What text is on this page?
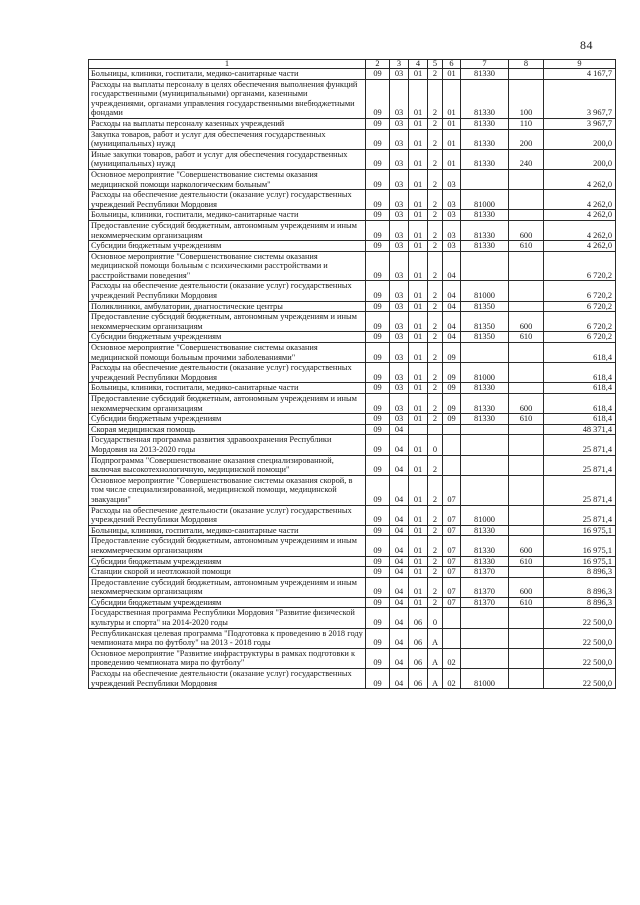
84
1	2	3	4	5	6	7	8	9
Больницы, клиники, госпитали, медико-санитарные части	09	03	01	2	01	81330		4 167,7
Расходы на выплаты персоналу в целях обеспечения выполнения функций государственными (муниципальными) органами, казенными учреждениями, органами управления государственными внебюджетными фондами	09	03	01	2	01	81330	100	3 967,7
Расходы на выплаты персоналу казенных учреждений	09	03	01	2	01	81330	110	3 967,7
Закупка товаров, работ и услуг для обеспечения государственных (муниципальных) нужд	09	03	01	2	01	81330	200	200,0
Иные закупки товаров, работ и услуг для обеспечения государственных (муниципальных) нужд	09	03	01	2	01	81330	240	200,0
Основное мероприятие "Совершенствование системы оказания медицинской помощи наркологическим больным"	09	03	01	2	03			4 262,0
Расходы на обеспечение деятельности (оказание услуг) государственных учреждений Республики Мордовия	09	03	01	2	03	81000		4 262,0
Больницы, клиники, госпитали, медико-санитарные части	09	03	01	2	03	81330		4 262,0
Предоставление субсидий бюджетным, автономным учреждениям и иным некоммерческим организациям	09	03	01	2	03	81330	600	4 262,0
Субсидии бюджетным учреждениям	09	03	01	2	03	81330	610	4 262,0
Основное мероприятие "Совершенствование системы оказания медицинской помощи больным с психическими расстройствами и расстройствами поведения"	09	03	01	2	04			6 720,2
Расходы на обеспечение деятельности (оказание услуг) государственных учреждений Республики Мордовия	09	03	01	2	04	81000		6 720,2
Поликлиники, амбулатории, диагностические центры	09	03	01	2	04	81350		6 720,2
Предоставление субсидий бюджетным, автономным учреждениям и иным некоммерческим организациям	09	03	01	2	04	81350	600	6 720,2
Субсидии бюджетным учреждениям	09	03	01	2	04	81350	610	6 720,2
Основное мероприятие "Совершенствование системы оказания медицинской помощи больным прочими заболеваниями"	09	03	01	2	09			618,4
Расходы на обеспечение деятельности (оказание услуг) государственных учреждений Республики Мордовия	09	03	01	2	09	81000		618,4
Больницы, клиники, госпитали, медико-санитарные части	09	03	01	2	09	81330		618,4
Предоставление субсидий бюджетным, автономным учреждениям и иным некоммерческим организациям	09	03	01	2	09	81330	600	618,4
Субсидии бюджетным учреждениям	09	03	01	2	09	81330	610	618,4
Скорая медицинская помощь	09	04						48 371,4
Государственная программа развития здравоохранения Республики Мордовия на 2013-2020 годы	09	04	01	0				25 871,4
Подпрограмма "Совершенствование оказания специализированной, включая высокотехнологичную, медицинской помощи"	09	04	01	2				25 871,4
Основное мероприятие "Совершенствование системы оказания скорой, в том числе специализированной, медицинской помощи, медицинской эвакуации"	09	04	01	2	07			25 871,4
Расходы на обеспечение деятельности (оказание услуг) государственных учреждений Республики Мордовия	09	04	01	2	07	81000		25 871,4
Больницы, клиники, госпитали, медико-санитарные части	09	04	01	2	07	81330		16 975,1
Предоставление субсидий бюджетным, автономным учреждениям и иным некоммерческим организациям	09	04	01	2	07	81330	600	16 975,1
Субсидии бюджетным учреждениям	09	04	01	2	07	81330	610	16 975,1
Станции скорой и неотложной помощи	09	04	01	2	07	81370		8 896,3
Предоставление субсидий бюджетным, автономным учреждениям и иным некоммерческим организациям	09	04	01	2	07	81370	600	8 896,3
Субсидии бюджетным учреждениям	09	04	01	2	07	81370	610	8 896,3
Государственная программа Республики Мордовия "Развитие физической культуры и спорта" на 2014-2020 годы	09	04	06	0				22 500,0
Республиканская целевая программа "Подготовка к проведению в 2018 году чемпионата мира по футболу" на 2013 - 2018 годы	09	04	06	А				22 500,0
Основное мероприятие "Развитие инфраструктуры в рамках подготовки к проведению чемпионата мира по футболу"	09	04	06	А	02			22 500,0
Расходы на обеспечение деятельности (оказание услуг) государственных учреждений Республики Мордовия	09	04	06	А	02	81000		22 500,0
